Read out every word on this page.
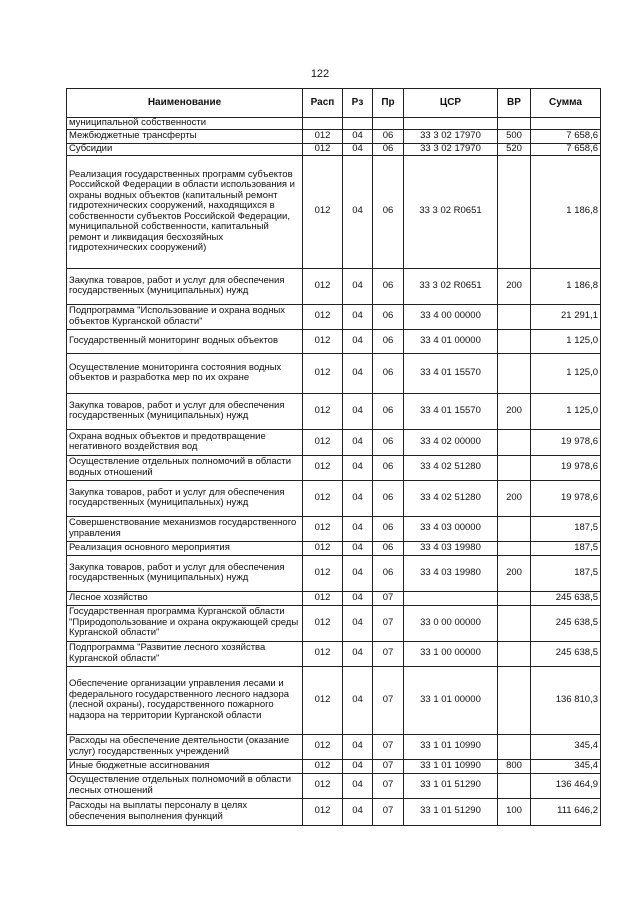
122
Наименование	Расп	Рз	Пр	ЦСР	ВР	Сумма
муниципальной собственности						
Межбюджетные трансферты	012	04	06	33 3 02 17970	500	7 658,6
Субсидии	012	04	06	33 3 02 17970	520	7 658,6
Реализация государственных программ субъектов Российской Федерации в области использования и охраны водных объектов (капитальный ремонт гидротехнических сооружений, находящихся в собственности субъектов Российской Федерации, муниципальной собственности, капитальный ремонт и ликвидация бесхозяйных гидротехнических сооружений)	012	04	06	33 3 02 R0651		1 186,8
Закупка товаров, работ и услуг для обеспечения государственных (муниципальных) нужд	012	04	06	33 3 02 R0651	200	1 186,8
Подпрограмма "Использование и охрана водных объектов Курганской области"	012	04	06	33 4 00 00000		21 291,1
Государственный мониторинг водных объектов	012	04	06	33 4 01 00000		1 125,0
Осуществление мониторинга состояния водных объектов и разработка мер по их охране	012	04	06	33 4 01 15570		1 125,0
Закупка товаров, работ и услуг для обеспечения государственных (муниципальных) нужд	012	04	06	33 4 01 15570	200	1 125,0
Охрана водных объектов и предотвращение негативного воздействия вод	012	04	06	33 4 02 00000		19 978,6
Осуществление отдельных полномочий в области водных отношений	012	04	06	33 4 02 51280		19 978,6
Закупка товаров, работ и услуг для обеспечения государственных (муниципальных) нужд	012	04	06	33 4 02 51280	200	19 978,6
Совершенствование механизмов государственного управления	012	04	06	33 4 03 00000		187,5
Реализация основного мероприятия	012	04	06	33 4 03 19980		187,5
Закупка товаров, работ и услуг для обеспечения государственных (муниципальных) нужд	012	04	06	33 4 03 19980	200	187,5
Лесное хозяйство	012	04	07			245 638,5
Государственная программа Курганской области "Природопользование и охрана окружающей среды Курганской области"	012	04	07	33 0 00 00000		245 638,5
Подпрограмма "Развитие лесного хозяйства Курганской области"	012	04	07	33 1 00 00000		245 638,5
Обеспечение организации управления лесами и федерального государственного лесного надзора (лесной охраны), государственного пожарного надзора на территории Курганской области	012	04	07	33 1 01 00000		136 810,3
Расходы на обеспечение деятельности (оказание услуг) государственных учреждений	012	04	07	33 1 01 10990		345,4
Иные бюджетные ассигнования	012	04	07	33 1 01 10990	800	345,4
Осуществление отдельных полномочий в области лесных отношений	012	04	07	33 1 01 51290		136 464,9
Расходы на выплаты персоналу в целях обеспечения выполнения функций	012	04	07	33 1 01 51290	100	111 646,2
